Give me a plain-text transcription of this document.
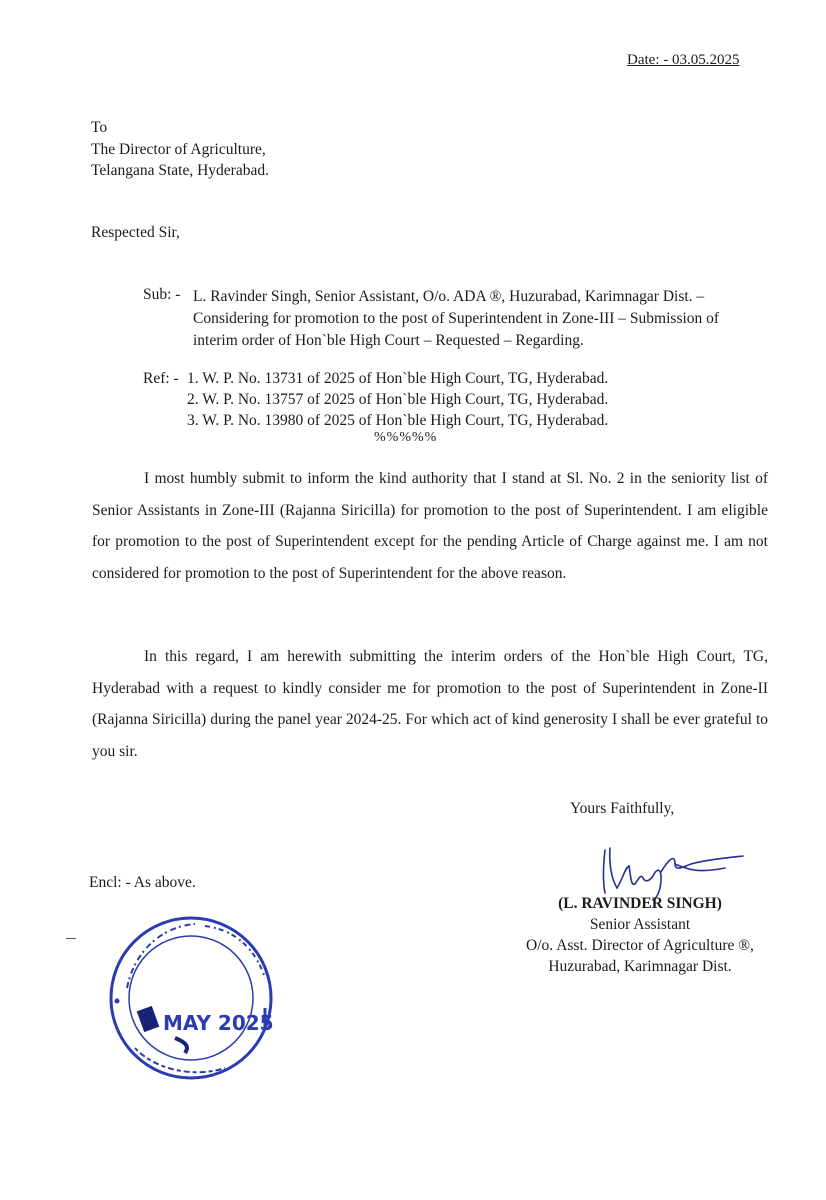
Date: - 03.05.2025
To
The Director of Agriculture,
Telangana State, Hyderabad.
Respected Sir,
Sub: - L. Ravinder Singh, Senior Assistant, O/o. ADA ®, Huzurabad, Karimnagar Dist. – Considering for promotion to the post of Superintendent in Zone-III – Submission of interim order of Hon`ble High Court – Requested – Regarding.
Ref: - 1. W. P. No. 13731 of 2025 of Hon`ble High Court, TG, Hyderabad.
2. W. P. No. 13757 of 2025 of Hon`ble High Court, TG, Hyderabad.
3. W. P. No. 13980 of 2025 of Hon`ble High Court, TG, Hyderabad.
%%%%%
I most humbly submit to inform the kind authority that I stand at Sl. No. 2 in the seniority list of Senior Assistants in Zone-III (Rajanna Siricilla) for promotion to the post of Superintendent. I am eligible for promotion to the post of Superintendent except for the pending Article of Charge against me. I am not considered for promotion to the post of Superintendent for the above reason.
In this regard, I am herewith submitting the interim orders of the Hon`ble High Court, TG, Hyderabad with a request to kindly consider me for promotion to the post of Superintendent in Zone-II (Rajanna Siricilla) during the panel year 2024-25. For which act of kind generosity I shall be ever grateful to you sir.
Yours Faithfully,
Encl: - As above.
(L. RAVINDER SINGH)
Senior Assistant
O/o. Asst. Director of Agriculture ®,
Huzurabad, Karimnagar Dist.
MAY 2025
